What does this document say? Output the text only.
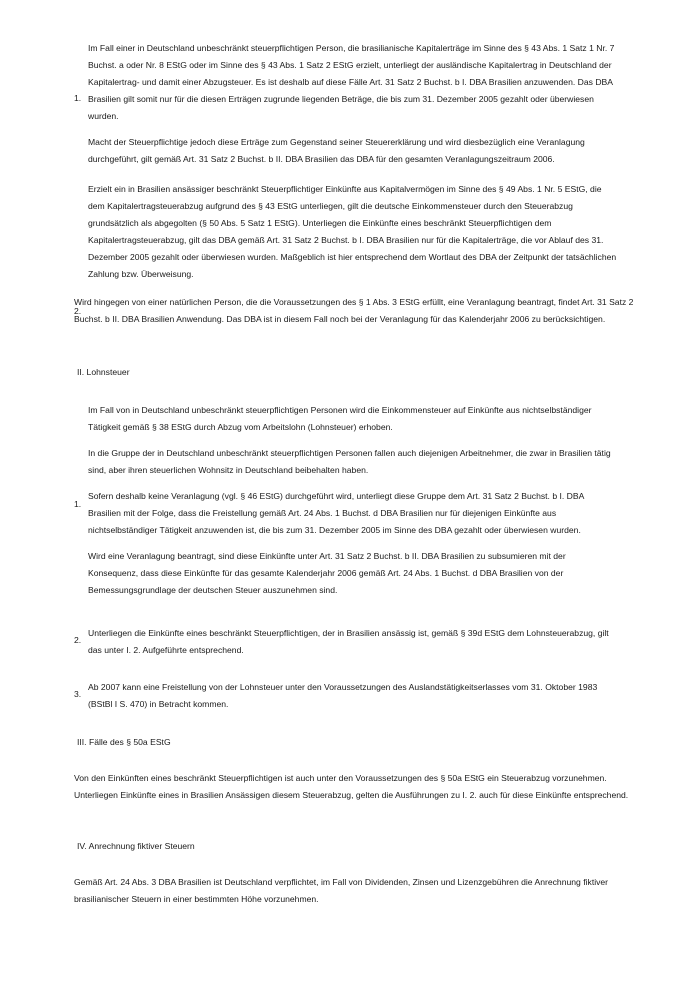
1.

Im Fall einer in Deutschland unbeschränkt steuerpflichtigen Person, die brasilianische Kapitalerträge im Sinne des § 43 Abs. 1 Satz 1 Nr. 7 Buchst. a oder Nr. 8 EStG oder im Sinne des § 43 Abs. 1 Satz 2 EStG erzielt, unterliegt der ausländische Kapitalertrag in Deutschland der Kapitalertrag- und damit einer Abzugsteuer. Es ist deshalb auf diese Fälle Art. 31 Satz 2 Buchst. b I. DBA Brasilien anzuwenden. Das DBA Brasilien gilt somit nur für die diesen Erträgen zugrunde liegenden Beträge, die bis zum 31. Dezember 2005 gezahlt oder überwiesen wurden.

Macht der Steuerpflichtige jedoch diese Erträge zum Gegenstand seiner Steuererklärung und wird diesbezüglich eine Veranlagung durchgeführt, gilt gemäß Art. 31 Satz 2 Buchst. b II. DBA Brasilien das DBA für den gesamten Veranlagungszeitraum 2006.

2.

Erzielt ein in Brasilien ansässiger beschränkt Steuerpflichtiger Einkünfte aus Kapitalvermögen im Sinne des § 49 Abs. 1 Nr. 5 EStG, die dem Kapitalertragsteuerabzug aufgrund des § 43 EStG unterliegen, gilt die deutsche Einkommensteuer durch den Steuerabzug grundsätzlich als abgegolten (§ 50 Abs. 5 Satz 1 EStG). Unterliegen die Einkünfte eines beschränkt Steuerpflichtigen dem Kapitalertragsteuerabzug, gilt das DBA gemäß Art. 31 Satz 2 Buchst. b I. DBA Brasilien nur für die Kapitalerträge, die vor Ablauf des 31. Dezember 2005 gezahlt oder überwiesen wurden. Maßgeblich ist hier entsprechend dem Wortlaut des DBA der Zeitpunkt der tatsächlichen Zahlung bzw. Überweisung.

Wird hingegen von einer natürlichen Person, die die Voraussetzungen des § 1 Abs. 3 EStG erfüllt, eine Veranlagung beantragt, findet Art. 31 Satz 2 Buchst. b II. DBA Brasilien Anwendung. Das DBA ist in diesem Fall noch bei der Veranlagung für das Kalenderjahr 2006 zu berücksichtigen.

II. Lohnsteuer
1.

Im Fall von in Deutschland unbeschränkt steuerpflichtigen Personen wird die Einkommensteuer auf Einkünfte aus nichtselbständiger Tätigkeit gemäß § 38 EStG durch Abzug vom Arbeitslohn (Lohnsteuer) erhoben.

In die Gruppe der in Deutschland unbeschränkt steuerpflichtigen Personen fallen auch diejenigen Arbeitnehmer, die zwar in Brasilien tätig sind, aber ihren steuerlichen Wohnsitz in Deutschland beibehalten haben.

Sofern deshalb keine Veranlagung (vgl. § 46 EStG) durchgeführt wird, unterliegt diese Gruppe dem Art. 31 Satz 2 Buchst. b I. DBA Brasilien mit der Folge, dass die Freistellung gemäß Art. 24 Abs. 1 Buchst. d DBA Brasilien nur für diejenigen Einkünfte aus nichtselbständiger Tätigkeit anzuwenden ist, die bis zum 31. Dezember 2005 im Sinne des DBA gezahlt oder überwiesen wurden.

Wird eine Veranlagung beantragt, sind diese Einkünfte unter Art. 31 Satz 2 Buchst. b II. DBA Brasilien zu subsumieren mit der Konsequenz, dass diese Einkünfte für das gesamte Kalenderjahr 2006 gemäß Art. 24 Abs. 1 Buchst. d DBA Brasilien von der Bemessungsgrundlage der deutschen Steuer auszunehmen sind.

2.

Unterliegen die Einkünfte eines beschränkt Steuerpflichtigen, der in Brasilien ansässig ist, gemäß § 39d EStG dem Lohnsteuerabzug, gilt das unter I. 2. Aufgeführte entsprechend.

3.

Ab 2007 kann eine Freistellung von der Lohnsteuer unter den Voraussetzungen des Auslandstätigkeitserlasses vom 31. Oktober 1983 (BStBl I S. 470) in Betracht kommen.

III. Fälle des § 50a EStG

Von den Einkünften eines beschränkt Steuerpflichtigen ist auch unter den Voraussetzungen des § 50a EStG ein Steuerabzug vorzunehmen. Unterliegen Einkünfte eines in Brasilien Ansässigen diesem Steuerabzug, gelten die Ausführungen zu I. 2. auch für diese Einkünfte entsprechend.

IV. Anrechnung fiktiver Steuern

Gemäß Art. 24 Abs. 3 DBA Brasilien ist Deutschland verpflichtet, im Fall von Dividenden, Zinsen und Lizenzgebühren die Anrechnung fiktiver brasilianischer Steuern in einer bestimmten Höhe vorzunehmen.
